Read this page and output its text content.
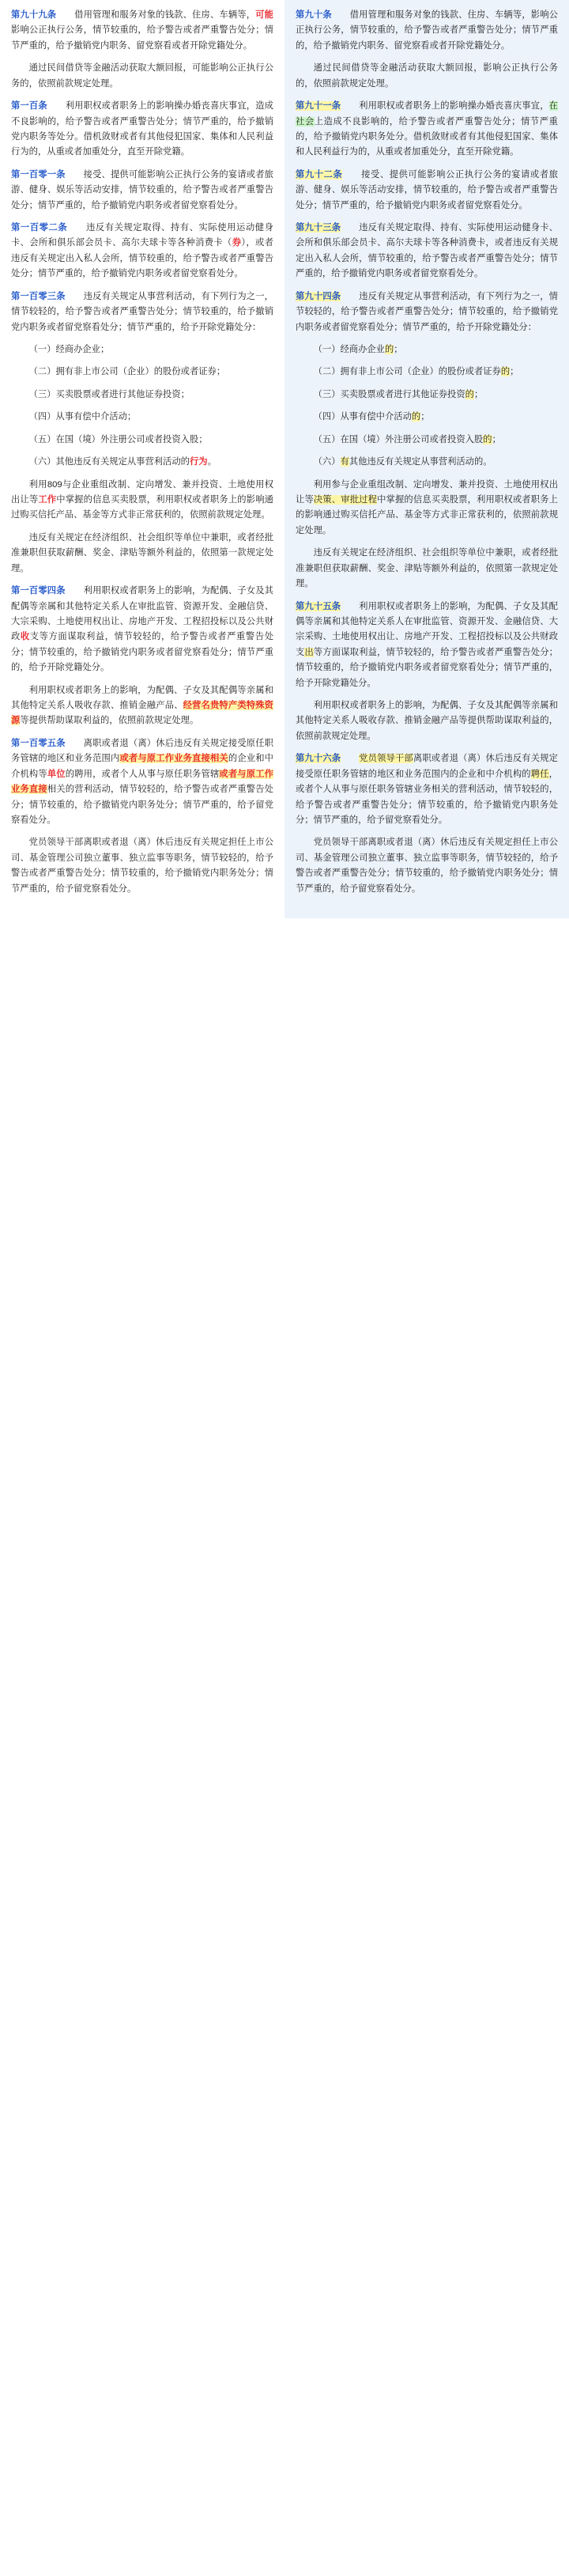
第九十九条　　借用管理和服务对象的钱款、住房、车辆等，可能影响公正执行公务，情节较重的，给予警告或者严重警告处分；情节严重的，给予撤销党内职务、留党察看或者开除党籍处分。
通过民间借贷等金融活动获取大额回报，可能影响公正执行公务的，依照前款规定处理。
第一百条　　利用职权或者职务上的影响操办婚丧喜庆事宜，造成不良影响的，给予警告或者严重警告处分；情节严重的，给予撤销党内职务等处分。借机敛财或者有其他侵犯国家、集体和人民利益行为的，从重或者加重处分，直至开除党籍。
第一百零一条　　接受、提供可能影响公正执行公务的宴请或者旅游、健身、娱乐等活动安排，情节较重的，给予警告或者严重警告处分；情节严重的，给予撤销党内职务或者留党察看处分。
第一百零二条　　违反有关规定取得、持有、实际使用运动健身卡、会所和俱乐部会员卡、高尔夫球卡等各种消费卡（券），或者违反有关规定出入私人会所，情节较重的，给予警告或者严重警告处分；情节严重的，给予撤销党内职务或者留党察看处分。
第一百零三条　　违反有关规定从事营利活动，有下列行为之一，情节较轻的，给予警告或者严重警告处分；情节较重的，给予撤销党内职务或者留党察看处分；情节严重的，给予开除党籍处分：
（一）经商办企业；
（二）拥有非上市公司（企业）的股份或者证券；
（三）买卖股票或者进行其他证券投资；
（四）从事有偿中介活动；
（五）在国（境）外注册公司或者投资入股；
（六）其他违反有关规定从事营利活动的行为。
利用809与企业重组改制、定向增发、兼并投资、土地使用权出让等工作中掌握的信息买卖股票，利用职权或者职务上的影响通过购买信托产品、基金等方式非正常获利的，依照前款规定处理。
违反有关规定在经济组织、社会组织等单位中兼职，或者经批准兼职但获取薪酬、奖金、津贴等额外利益的，依照第一款规定处理。
第一百零四条　　利用职权或者职务上的影响，为配偶、子女及其配偶等亲属和其他特定关系人在审批监管、资源开发、金融信贷、大宗采购、土地使用权出让、房地产开发、工程招投标以及公共财政收支等方面谋取利益，情节较轻的，给予警告或者严重警告处分；情节较重的，给予撤销党内职务或者留党察看处分；情节严重的，给予开除党籍处分。
利用职权或者职务上的影响，为配偶、子女及其配偶等亲属和其他特定关系人吸收存款、推销金融产品、经营名贵特产类特殊资源等提供帮助谋取利益的，依照前款规定处理。
第一百零五条　　离职或者退（离）休后违反有关规定接受原任职务管辖的地区和业务范围内或者与原工作业务直接相关的企业和中介机构等单位的聘用，或者个人从事与原任职务管辖或者与原工作业务直接相关的营利活动，情节较轻的，给予警告或者严重警告处分；情节较重的，给予撤销党内职务处分；情节严重的，给予留党察看处分。
党员领导干部离职或者退（离）休后违反有关规定担任上市公司、基金管理公司独立董事、独立监事等职务，情节较轻的，给予警告或者严重警告处分；情节较重的，给予撤销党内职务处分；情节严重的，给予留党察看处分。
第九十条　　借用管理和服务对象的钱款、住房、车辆等，影响公正执行公务，情节较重的，给予警告或者严重警告处分；情节严重的，给予撤销党内职务、留党察看或者开除党籍处分。
通过民间借贷等金融活动获取大额回报，影响公正执行公务的，依照前款规定处理。
第九十一条　　利用职权或者职务上的影响操办婚丧喜庆事宜，在社会上造成不良影响的，给予警告或者严重警告处分；情节严重的，给予撤销党内职务处分。借机敛财或者有其他侵犯国家、集体和人民利益行为的，从重或者加重处分，直至开除党籍。
第九十二条　　接受、提供可能影响公正执行公务的宴请或者旅游、健身、娱乐等活动安排，情节较重的，给予警告或者严重警告处分；情节严重的，给予撤销党内职务或者留党察看处分。
第九十三条　　违反有关规定取得、持有、实际使用运动健身卡、会所和俱乐部会员卡、高尔夫球卡等各种消费卡，或者违反有关规定出入私人会所，情节较重的，给予警告或者严重警告处分；情节严重的，给予撤销党内职务或者留党察看处分。
第九十四条　　违反有关规定从事营利活动，有下列行为之一，情节较轻的，给予警告或者严重警告处分；情节较重的，给予撤销党内职务或者留党察看处分；情节严重的，给予开除党籍处分：
（一）经商办企业的；
（二）拥有非上市公司（企业）的股份或者证券的；
（三）买卖股票或者进行其他证券投资的；
（四）从事有偿中介活动的；
（五）在国（境）外注册公司或者投资入股的；
（六）有其他违反有关规定从事营利活动的。
利用参与企业重组改制、定向增发、兼并投资、土地使用权出让等决策、审批过程中掌握的信息买卖股票，利用职权或者职务上的影响通过购买信托产品、基金等方式非正常获利的，依照前款规定处理。
违反有关规定在经济组织、社会组织等单位中兼职，或者经批准兼职但获取薪酬、奖金、津贴等额外利益的，依照第一款规定处理。
第九十五条　　利用职权或者职务上的影响，为配偶、子女及其配偶等亲属和其他特定关系人在审批监管、资源开发、金融信贷、大宗采购、土地使用权出让、房地产开发、工程招投标以及公共财政支出等方面谋取利益，情节较轻的，给予警告或者严重警告处分；情节较重的，给予撤销党内职务或者留党察看处分；情节严重的，给予开除党籍处分。
利用职权或者职务上的影响，为配偶、子女及其配偶等亲属和其他特定关系人吸收存款、推销金融产品等提供帮助谋取利益的，依照前款规定处理。
第九十六条　　 党员领导干部离职或者退（离）休后违反有关规定接受原任职务管辖的地区和业务范围内的企业和中介机构的聘任，或者个人从事与原任职务管辖业务相关的营利活动，情节较轻的，给予警告或者严重警告处分；情节较重的，给予撤销党内职务处分；情节严重的，给予留党察看处分。
党员领导干部离职或者退（离）休后违反有关规定担任上市公司、基金管理公司独立董事、独立监事等职务，情节较轻的，给予警告或者严重警告处分；情节较重的，给予撤销党内职务处分；情节严重的，给予留党察看处分。
